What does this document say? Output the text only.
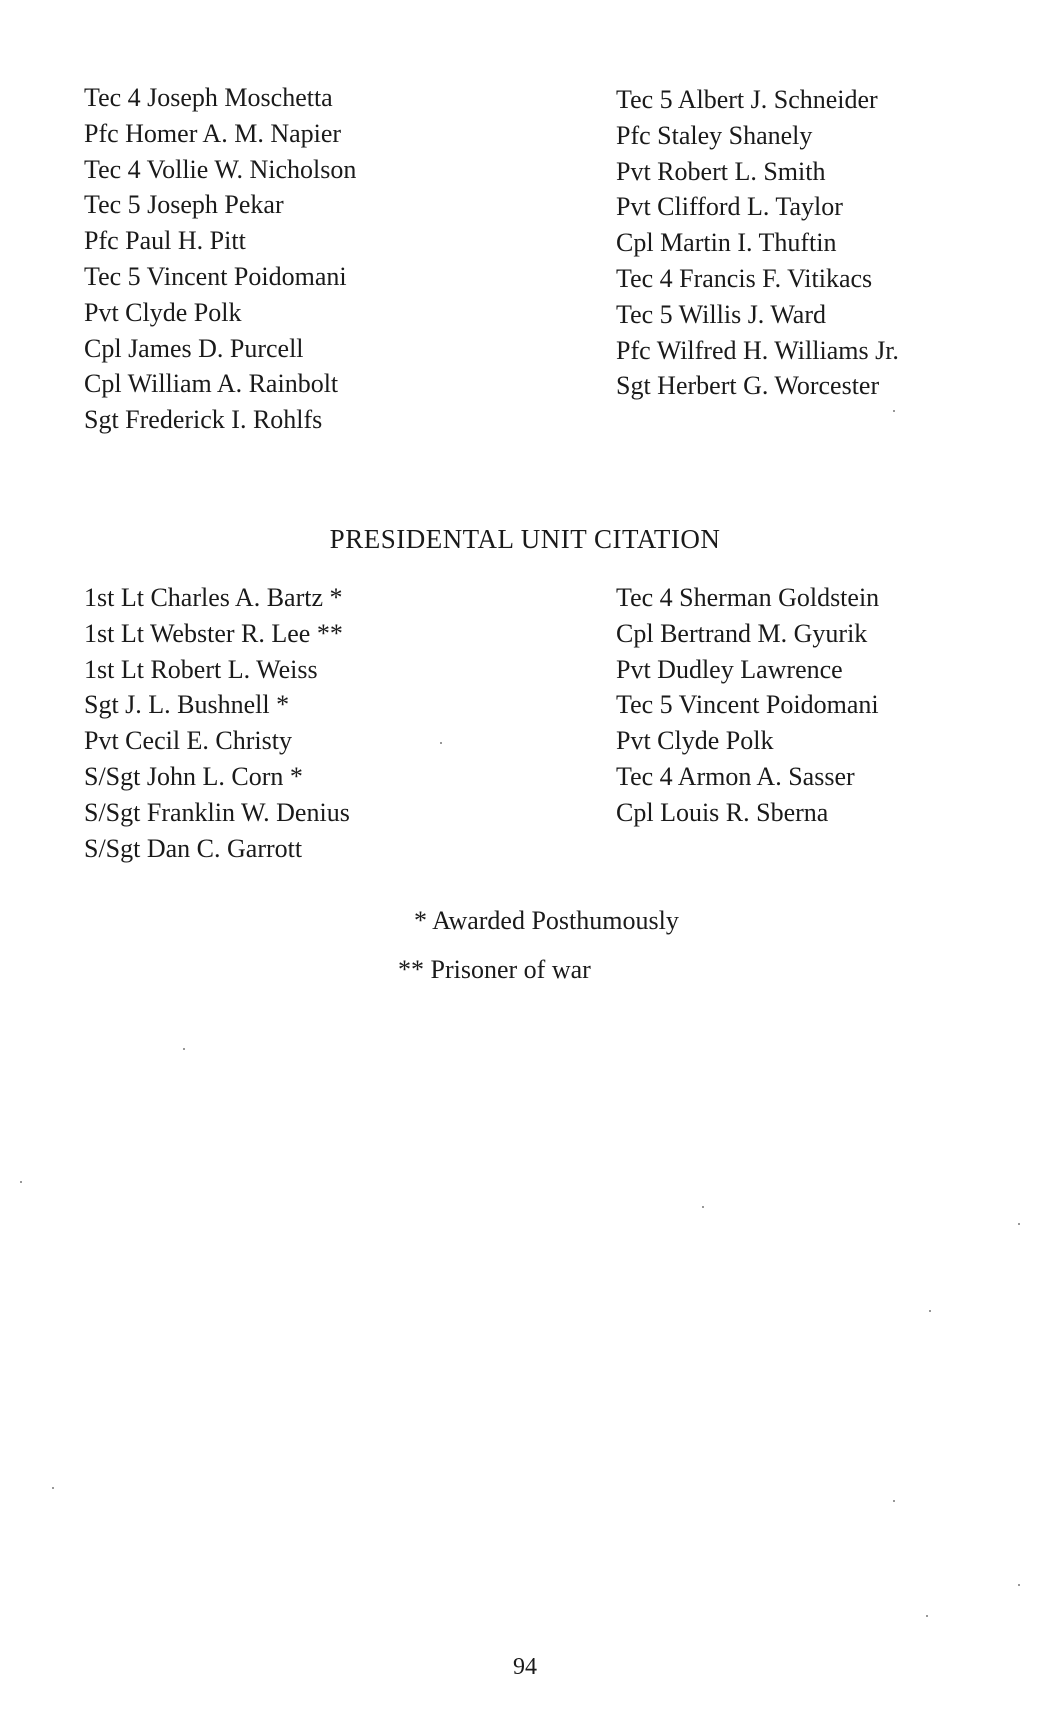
Tec 4 Joseph Moschetta
Pfc Homer A. M. Napier
Tec 4 Vollie W. Nicholson
Tec 5 Joseph Pekar
Pfc Paul H. Pitt
Tec 5 Vincent Poidomani
Pvt Clyde Polk
Cpl James D. Purcell
Cpl William A. Rainbolt
Sgt Frederick I. Rohlfs
Tec 5 Albert J. Schneider
Pfc Staley Shanely
Pvt Robert L. Smith
Pvt Clifford L. Taylor
Cpl Martin I. Thuftin
Tec 4 Francis F. Vitikacs
Tec 5 Willis J. Ward
Pfc Wilfred H. Williams Jr.
Sgt Herbert G. Worcester
PRESIDENTAL UNIT CITATION
1st Lt Charles A. Bartz *
1st Lt Webster R. Lee **
1st Lt Robert L. Weiss
Sgt J. L. Bushnell *
Pvt Cecil E. Christy
S/Sgt John L. Corn *
S/Sgt Franklin W. Denius
S/Sgt Dan C. Garrott
Tec 4 Sherman Goldstein
Cpl Bertrand M. Gyurik
Pvt Dudley Lawrence
Tec 5 Vincent Poidomani
Pvt Clyde Polk
Tec 4 Armon A. Sasser
Cpl Louis R. Sberna

* Awarded Posthumously

** Prisoner of war

94
